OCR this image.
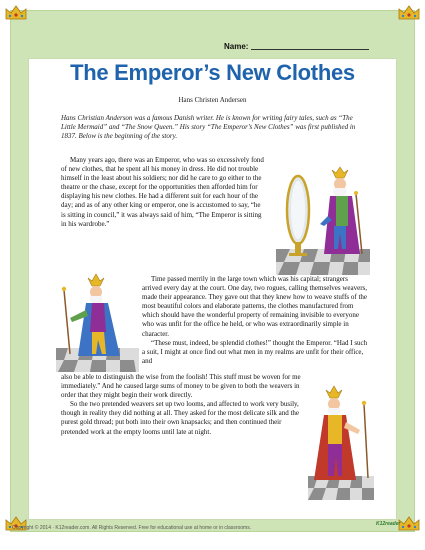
Name:
The Emperor’s New Clothes
Hans Christen Andersen
Hans Christian Anderson was a famous Danish writer. He is known for writing fairy tales, such as “The Little Mermaid” and “The Snow Queen.” His story “The Emperor’s New Clothes” was first published in 1837. Below is the beginning of the story.
Many years ago, there was an Emperor, who was so excessively fond of new clothes, that he spent all his money in dress. He did not trouble himself in the least about his soldiers; nor did he care to go either to the theatre or the chase, except for the opportunities then afforded him for displaying his new clothes. He had a different suit for each hour of the day; and as of any other king or emperor, one is accustomed to say, “he is sitting in council,” it was always said of him, “The Emperor is sitting in his wardrobe.”
Time passed merrily in the large town which was his capital; strangers arrived every day at the court. One day, two rogues, calling themselves weavers, made their appearance. They gave out that they knew how to weave stuffs of the most beautiful colors and elaborate patterns, the clothes manufactured from which should have the wonderful property of remaining invisible to everyone who was unfit for the office he held, or who was extraordinarily simple in character.
“These must, indeed, be splendid clothes!” thought the Emperor. “Had I such a suit, I might at once find out what men in my realms are unfit for their office, and
also be able to distinguish the wise from the foolish! This stuff must be woven for me immediately.” And he caused large sums of money to be given to both the weavers in order that they might begin their work directly.
So the two pretended weavers set up two looms, and affected to work very busily, though in reality they did nothing at all. They asked for the most delicate silk and the purest gold thread; put both into their own knapsacks; and then continued their pretended work at the empty looms until late at night.
Copyright © 2014 · K12reader.com. All Rights Reserved. Free for educational use at home or in classrooms.
K12reader
